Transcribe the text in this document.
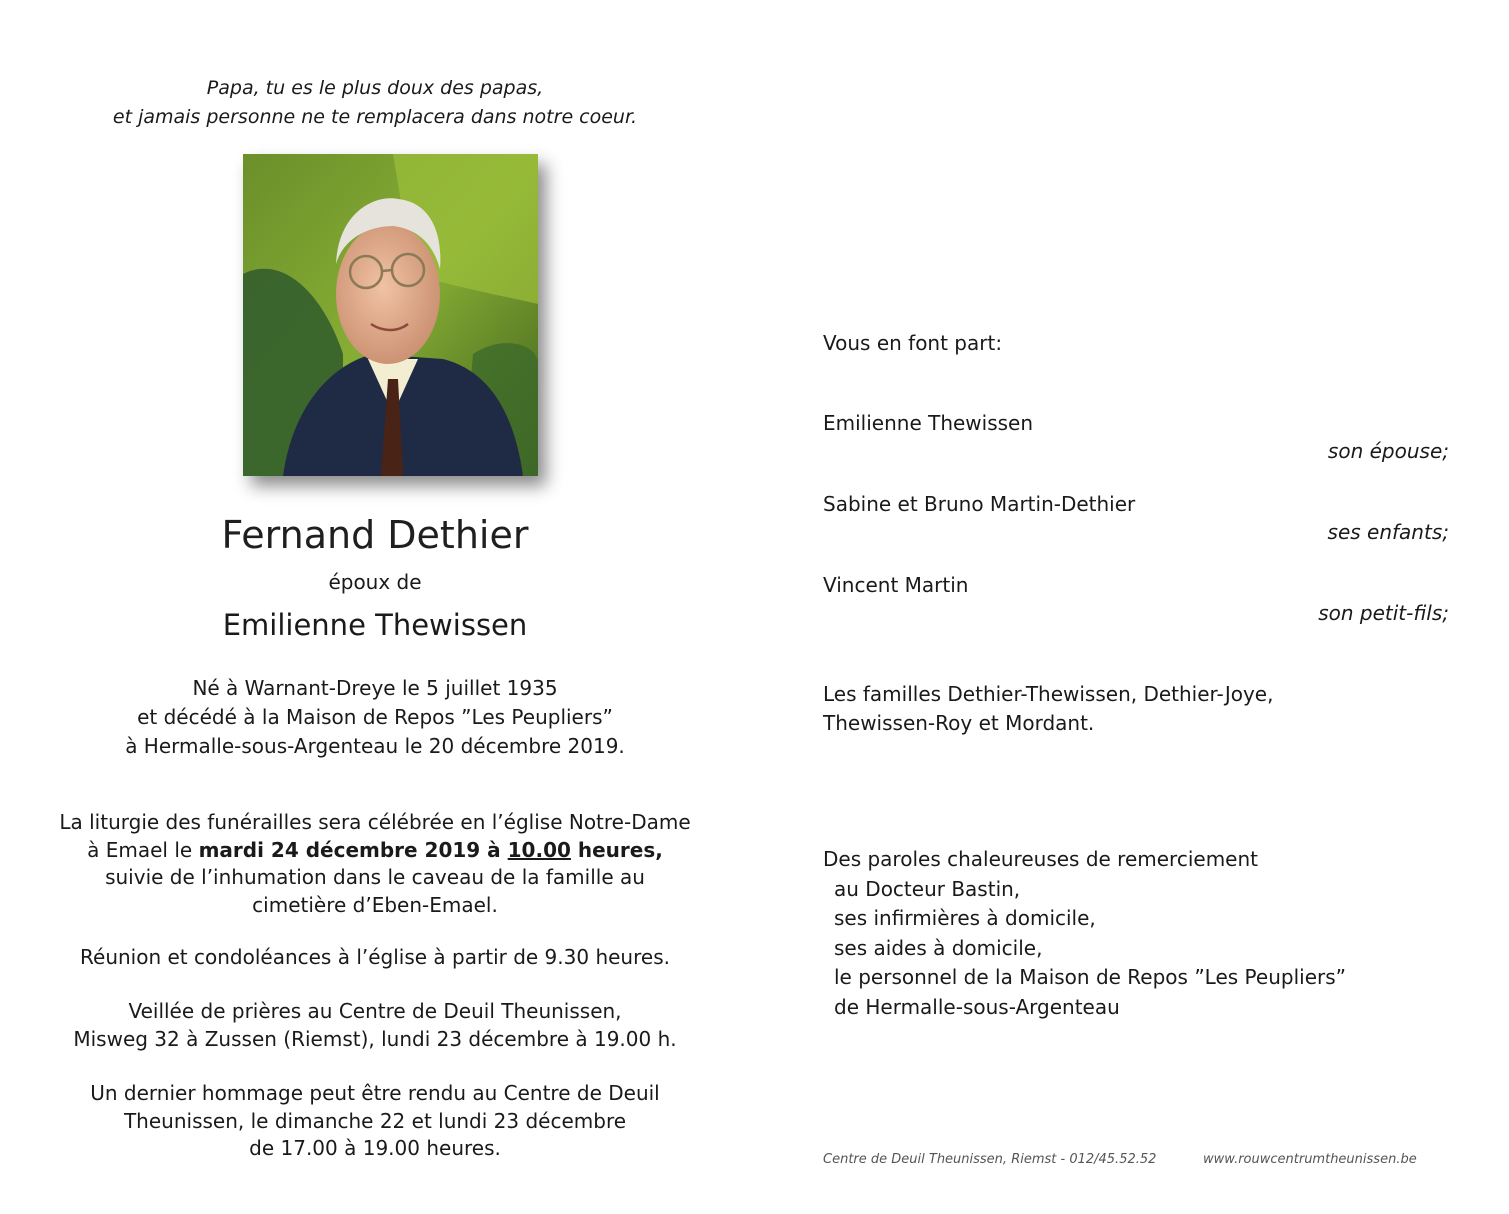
Papa, tu es le plus doux des papas,
et jamais personne ne te remplacera dans notre coeur.
Fernand Dethier
époux de
Emilienne Thewissen
Né à Warnant-Dreye le 5 juillet 1935
et décédé à la Maison de Repos ”Les Peupliers”
à Hermalle-sous-Argenteau le 20 décembre 2019.
La liturgie des funérailles sera célébrée en l’église Notre-Dame
à Emael le mardi 24 décembre 2019 à 10.00 heures,
suivie de l’inhumation dans le caveau de la famille au
cimetière d’Eben-Emael.
Réunion et condoléances à l’église à partir de 9.30 heures.
Veillée de prières au Centre de Deuil Theunissen,
Misweg 32 à Zussen (Riemst), lundi 23 décembre à 19.00 h.
Un dernier hommage peut être rendu au Centre de Deuil
Theunissen, le dimanche 22 et lundi 23 décembre
de 17.00 à 19.00 heures.
Vous en font part:
Emilienne Thewissen
son épouse;
Sabine et Bruno Martin-Dethier
ses enfants;
Vincent Martin
son petit-fils;
Les familles Dethier-Thewissen, Dethier-Joye,
Thewissen-Roy et Mordant.
Des paroles chaleureuses de remerciement
au Docteur Bastin,
ses infirmières à domicile,
ses aides à domicile,
le personnel de la Maison de Repos ”Les Peupliers”
de Hermalle-sous-Argenteau
Centre de Deuil Theunissen, Riemst - 012/45.52.52	www.rouwcentrumtheunissen.be
